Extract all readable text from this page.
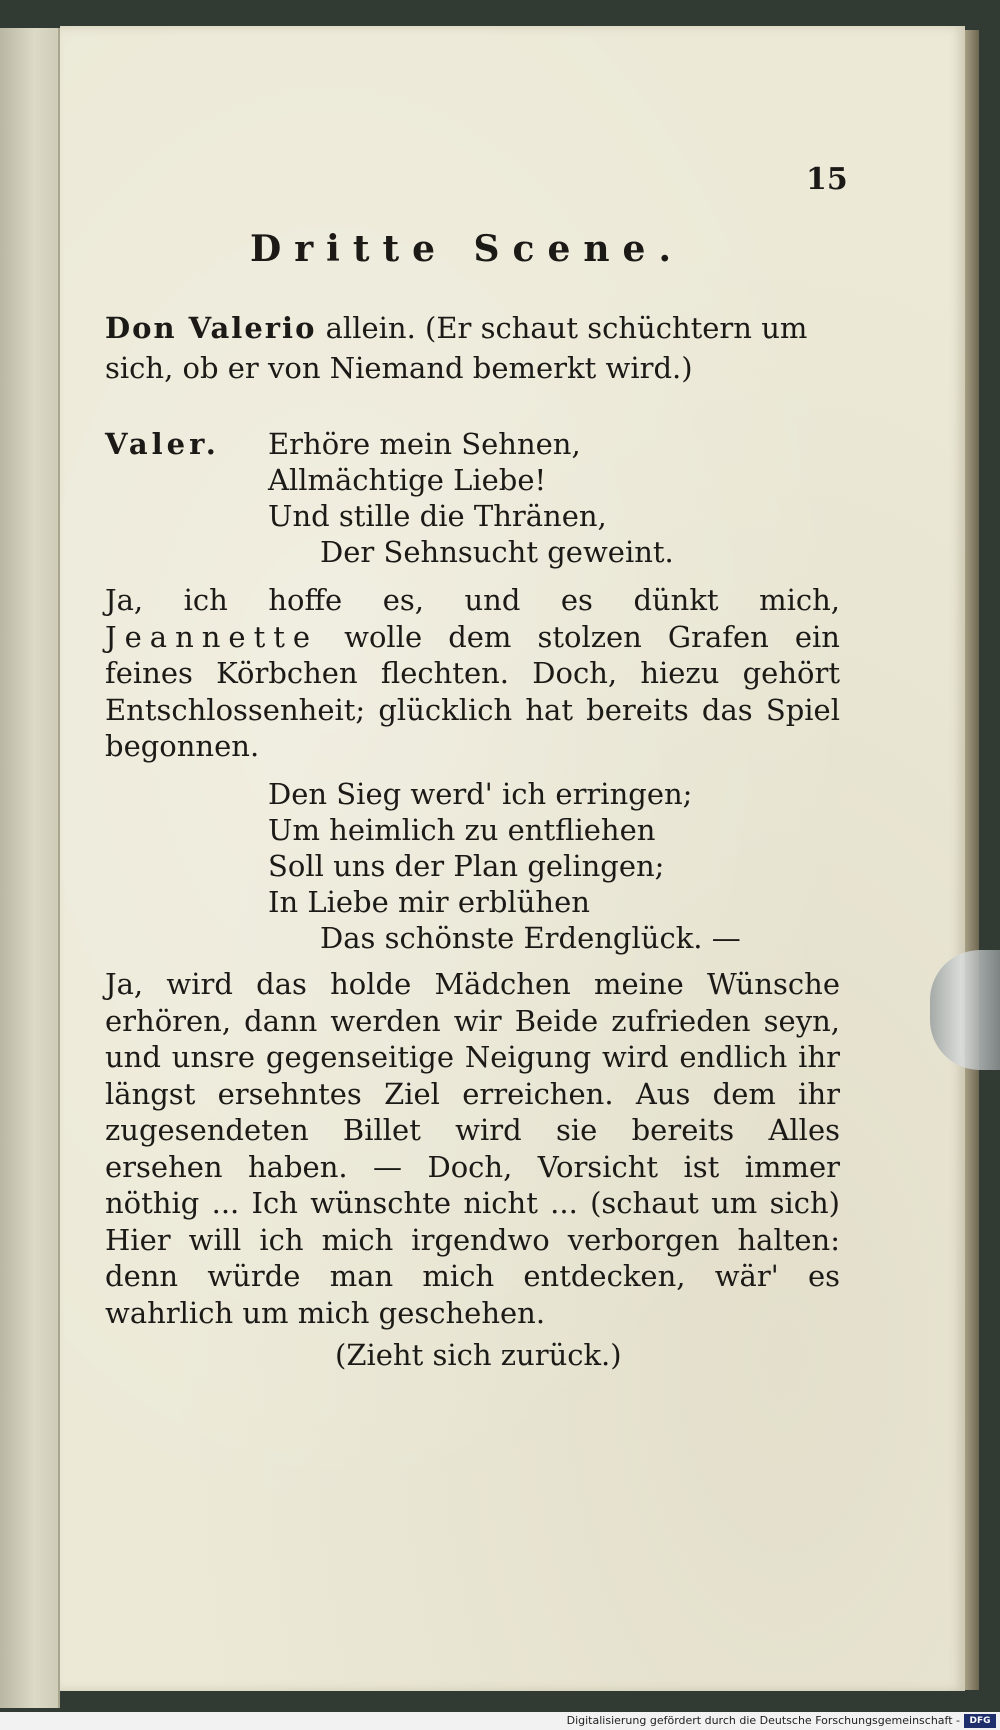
15
Dritte Scene.
Don Valerio allein. (Er schaut schüchtern um sich, ob er von Niemand bemerkt wird.)
Valer. Erhöre mein Sehnen,
Allmächtige Liebe!
Und stille die Thränen,
Der Sehnsucht geweint.
Ja, ich hoffe es, und es dünkt mich, Jeannette wolle dem stolzen Grafen ein feines Körbchen flechten. Doch, hiezu gehört Entschlossenheit; glücklich hat bereits das Spiel begonnen.
Den Sieg werd' ich erringen;
Um heimlich zu entfliehen
Soll uns der Plan gelingen;
In Liebe mir erblühen
Das schönste Erdenglück. —
Ja, wird das holde Mädchen meine Wünsche erhören, dann werden wir Beide zufrieden seyn, und unsre gegenseitige Neigung wird endlich ihr längst ersehntes Ziel erreichen. Aus dem ihr zugesendeten Billet wird sie bereits Alles ersehen haben. — Doch, Vorsicht ist immer nöthig ... Ich wünschte nicht ... (schaut um sich) Hier will ich mich irgendwo verborgen halten: denn würde man mich entdecken, wär' es wahrlich um mich geschehen.
(Zieht sich zurück.)
Digitalisierung gefördert durch die Deutsche Forschungsgemeinschaft -	DFG
